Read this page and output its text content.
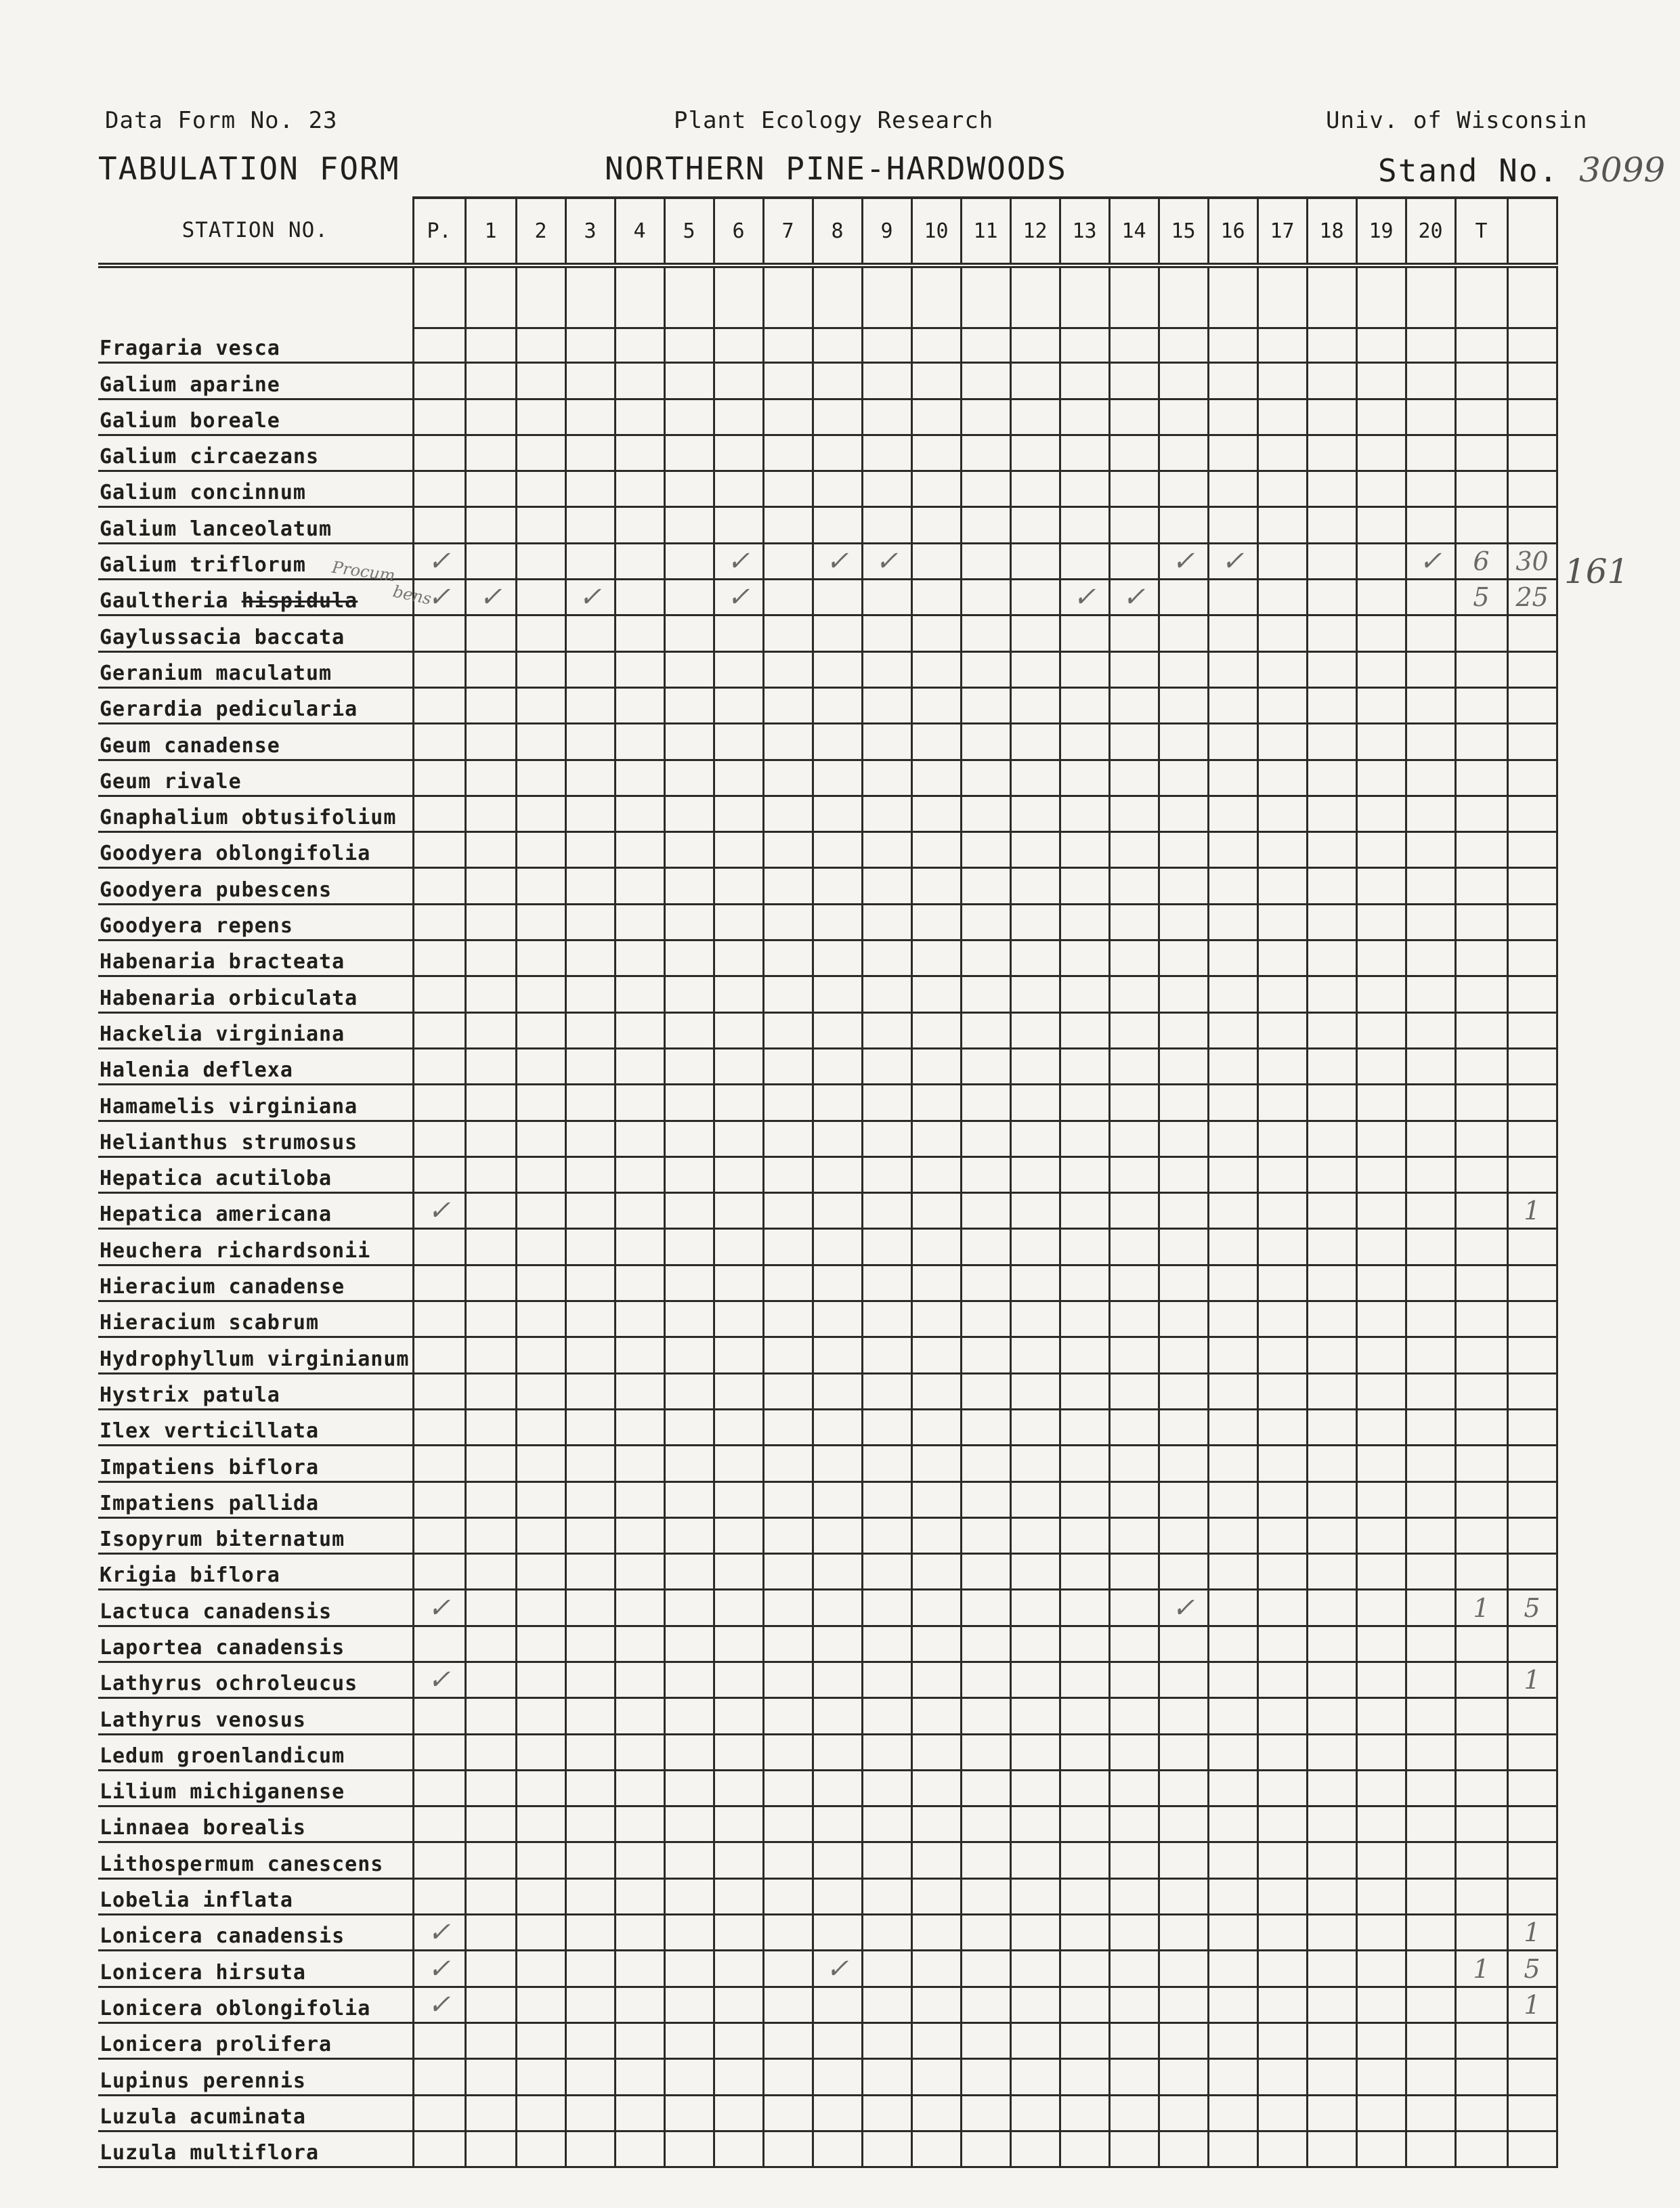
Data Form No. 23	Plant Ecology Research	Univ. of Wisconsin
TABULATION FORM	NORTHERN PINE-HARDWOODS	Stand No. 3099
STATION NO.	P.	1	2	3	4	5	6	7	8	9	10	11	12	13	14	15	16	17	18	19	20	T	

Fragaria vesca																							
Galium aparine																							
Galium boreale																							
Galium circaezans																							
Galium concinnum																							
Galium lanceolatum																							
Galium triflorum	✓						✓		✓	✓						✓	✓				✓	6	30
Gaultheria hispidula	✓	✓		✓			✓							✓	✓							5	25
Gaylussacia baccata																							
Geranium maculatum																							
Gerardia pedicularia																							
Geum canadense																							
Geum rivale																							
Gnaphalium obtusifolium																							
Goodyera oblongifolia																							
Goodyera pubescens																							
Goodyera repens																							
Habenaria bracteata																							
Habenaria orbiculata																							
Hackelia virginiana																							
Halenia deflexa																							
Hamamelis virginiana																							
Helianthus strumosus																							
Hepatica acutiloba																							
Hepatica americana	✓																						1
Heuchera richardsonii																							
Hieracium canadense																							
Hieracium scabrum																							
Hydrophyllum virginianum																							
Hystrix patula																							
Ilex verticillata																							
Impatiens biflora																							
Impatiens pallida																							
Isopyrum biternatum																							
Krigia biflora																							
Lactuca canadensis	✓															✓						1	5
Laportea canadensis																							
Lathyrus ochroleucus	✓																						1
Lathyrus venosus																							
Ledum groenlandicum																							
Lilium michiganense																							
Linnaea borealis																							
Lithospermum canescens																							
Lobelia inflata																							
Lonicera canadensis	✓																						1
Lonicera hirsuta	✓								✓													1	5
Lonicera oblongifolia	✓																						1
Lonicera prolifera																							
Lupinus perennis																							
Luzula acuminata																							
Luzula multiflora																							
Procum
bens
161
